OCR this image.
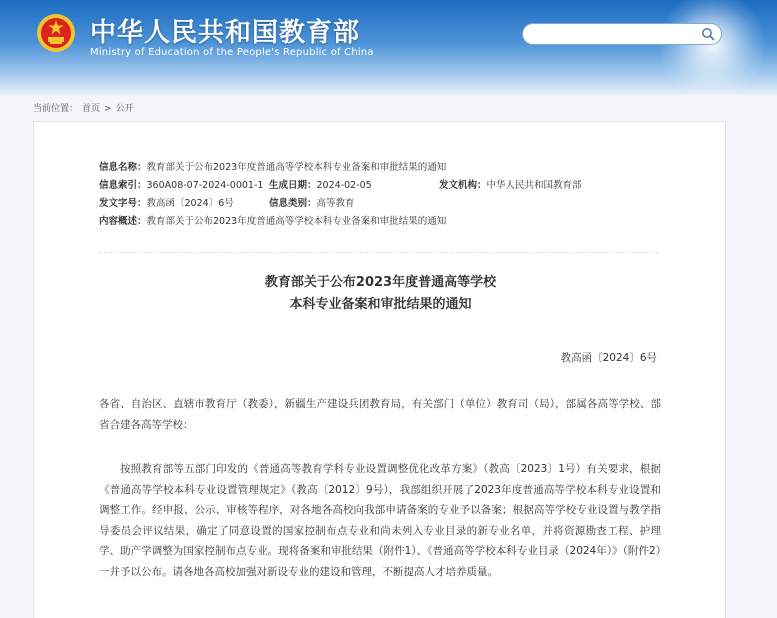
中华人民共和国教育部
Ministry of Education of the People's Republic of China
当前位置： 首页 > 公开
信息名称：教育部关于公布2023年度普通高等学校本科专业备案和审批结果的通知
信息索引：360A08-07-2024-0001-1 生成日期：2024-02-05	发文机构：中华人民共和国教育部
发文字号：教高函〔2024〕6号	信息类别：高等教育
内容概述：教育部关于公布2023年度普通高等学校本科专业备案和审批结果的通知
教育部关于公布2023年度普通高等学校
本科专业备案和审批结果的通知
教高函〔2024〕6号

各省、自治区、直辖市教育厅（教委），新疆生产建设兵团教育局，有关部门（单位）教育司（局），部属各高等学校、部省合建各高等学校：

按照教育部等五部门印发的《普通高等教育学科专业设置调整优化改革方案》（教高〔2023〕1号）有关要求，根据《普通高等学校本科专业设置管理规定》（教高〔2012〕9号），我部组织开展了2023年度普通高等学校本科专业设置和调整工作。经申报、公示、审核等程序，对各地各高校向我部申请备案的专业予以备案；根据高等学校专业设置与教学指导委员会评议结果，确定了同意设置的国家控制布点专业和尚未列入专业目录的新专业名单，并将资源勘查工程、护理学、助产学调整为国家控制布点专业。现将备案和审批结果（附件1）、《普通高等学校本科专业目录（2024年）》（附件2）一并予以公布。请各地各高校加强对新设专业的建设和管理，不断提高人才培养质量。
